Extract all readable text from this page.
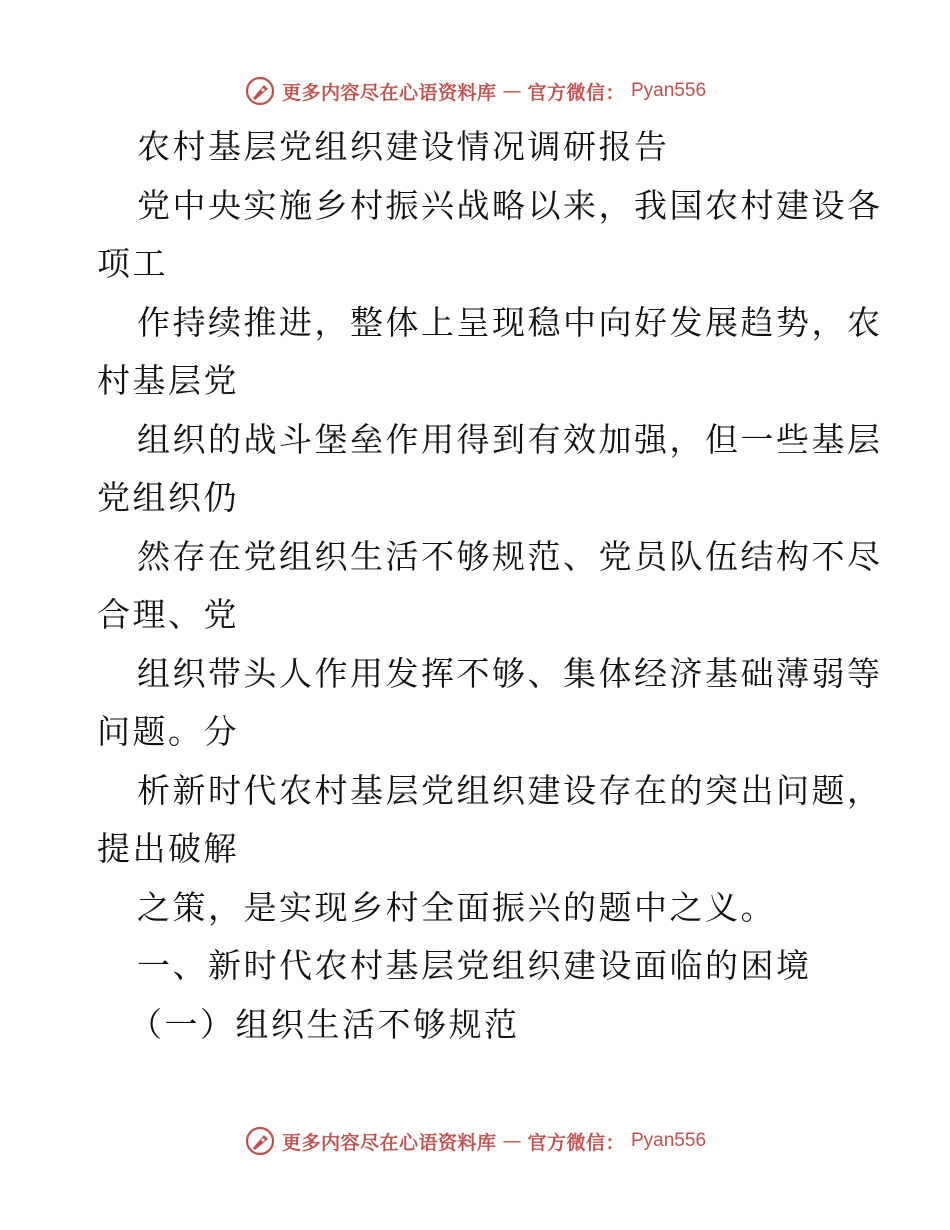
更多内容尽在心语资料库 — 官方微信： Pyan556
农村基层党组织建设情况调研报告
党中央实施乡村振兴战略以来，我国农村建设各
项工
作持续推进，整体上呈现稳中向好发展趋势，农
村基层党
组织的战斗堡垒作用得到有效加强，但一些基层
党组织仍
然存在党组织生活不够规范、党员队伍结构不尽
合理、党
组织带头人作用发挥不够、集体经济基础薄弱等
问题。分
析新时代农村基层党组织建设存在的突出问题，
提出破解
之策，是实现乡村全面振兴的题中之义。
一、新时代农村基层党组织建设面临的困境
（一）组织生活不够规范
更多内容尽在心语资料库 — 官方微信： Pyan556
